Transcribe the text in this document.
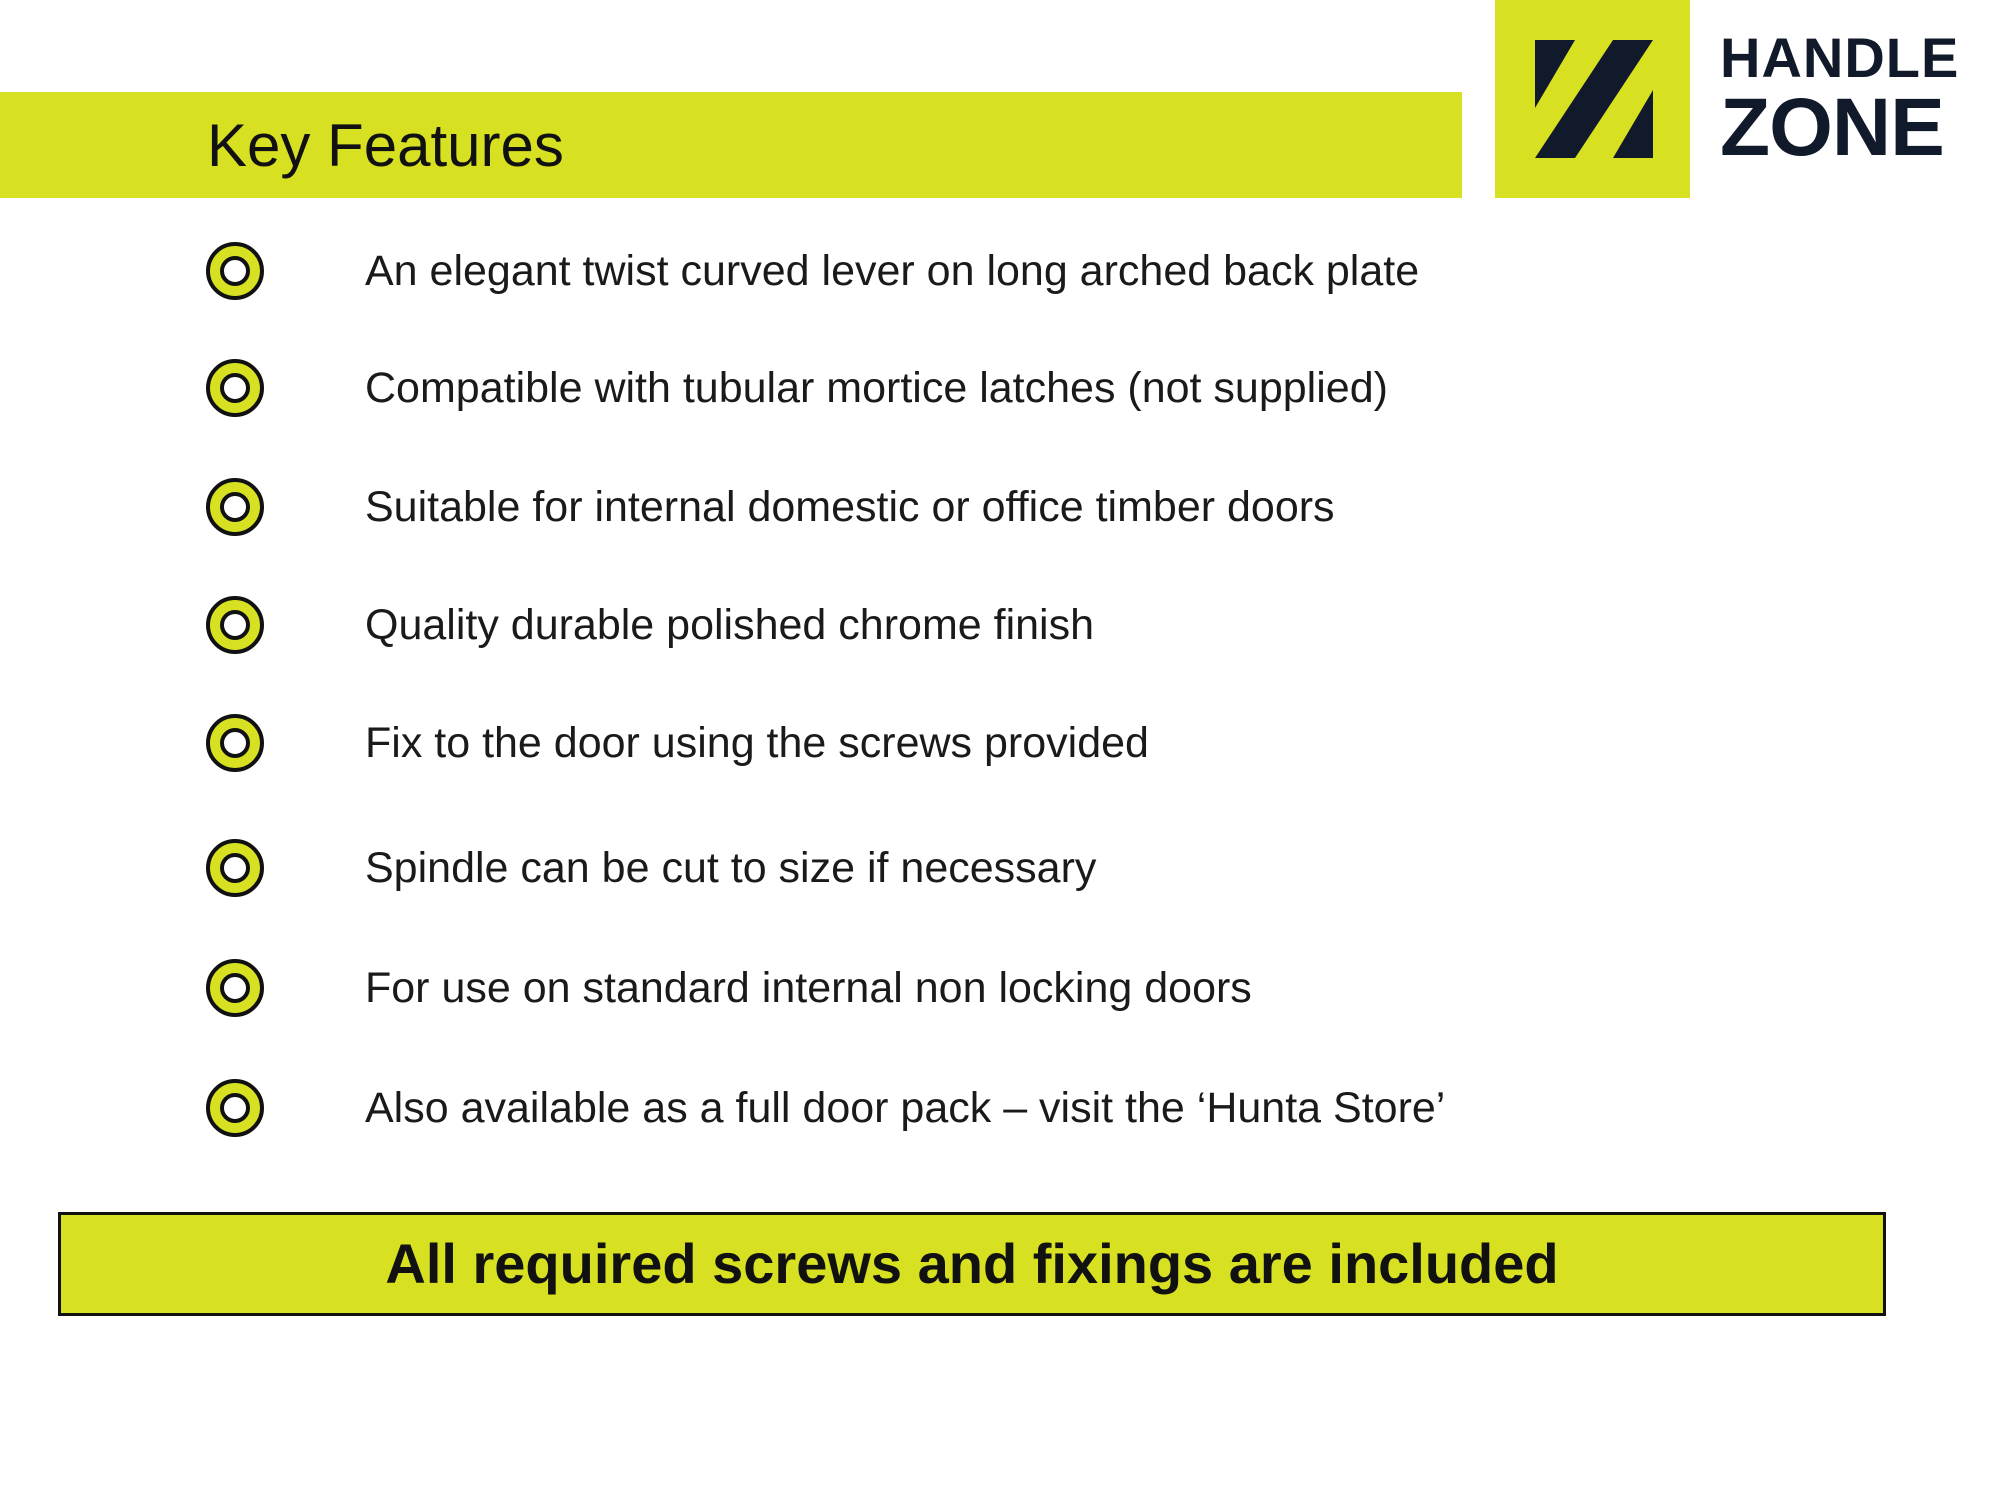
Key Features
HANDLE
ZONE
An elegant twist curved lever on long arched back plate
Compatible with tubular mortice latches (not supplied)
Suitable for internal domestic or office timber doors
Quality durable polished chrome finish
Fix to the door using the screws provided
Spindle can be cut to size if necessary
For use on standard internal non locking doors
Also available as a full door pack – visit the ‘Hunta Store’
All required screws and fixings are included
